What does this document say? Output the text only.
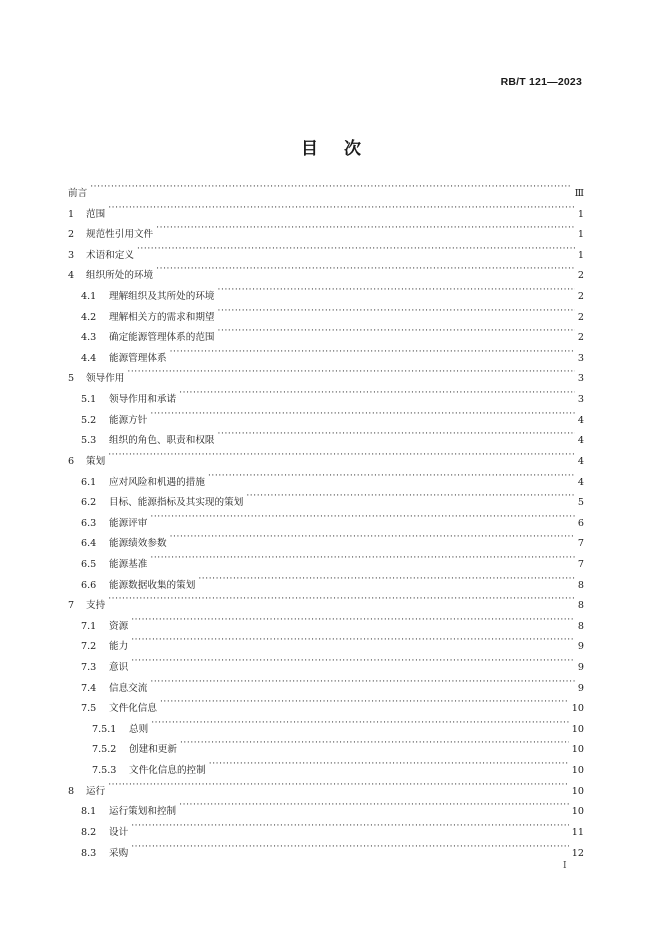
RB/T 121—2023
目次
前言 ·····	Ⅲ
1	范围 ·····	1
2	规范性引用文件 ·····	1
3	术语和定义 ·····	1
4	组织所处的环境 ·····	2
4.1	理解组织及其所处的环境 ·····	2
4.2	理解相关方的需求和期望 ·····	2
4.3	确定能源管理体系的范围 ·····	2
4.4	能源管理体系 ·····	3
5	领导作用 ·····	3
5.1	领导作用和承诺 ·····	3
5.2	能源方针 ·····	4
5.3	组织的角色、职责和权限 ·····	4
6	策划 ·····	4
6.1	应对风险和机遇的措施 ·····	4
6.2	目标、能源指标及其实现的策划 ·····	5
6.3	能源评审 ·····	6
6.4	能源绩效参数 ·····	7
6.5	能源基准 ·····	7
6.6	能源数据收集的策划 ·····	8
7	支持 ·····	8
7.1	资源 ·····	8
7.2	能力 ·····	9
7.3	意识 ·····	9
7.4	信息交流 ·····	9
7.5	文件化信息 ·····	10
7.5.1	总则 ·····	10
7.5.2	创建和更新 ·····	10
7.5.3	文件化信息的控制 ·····	10
8	运行 ·····	10
8.1	运行策划和控制 ·····	10
8.2	设计 ·····	11
8.3	采购 ·····	12
I
